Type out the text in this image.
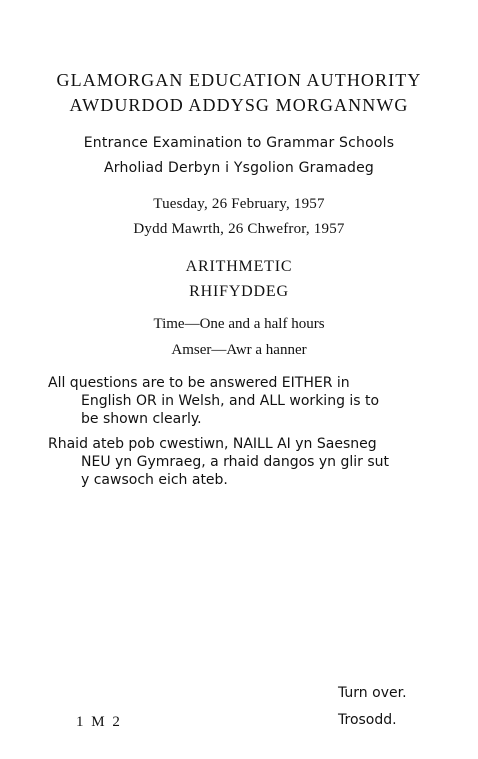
GLAMORGAN EDUCATION AUTHORITY
AWDURDOD ADDYSG MORGANNWG
Entrance Examination to Grammar Schools
Arholiad Derbyn i Ysgolion Gramadeg
Tuesday, 26 February, 1957
Dydd Mawrth, 26 Chwefror, 1957
ARITHMETIC
RHIFYDDEG
Time—One and a half hours
Amser—Awr a hanner
All questions are to be answered EITHER in
English OR in Welsh, and ALL working is to
be shown clearly.
Rhaid ateb pob cwestiwn, NAILL AI yn Saesneg
NEU yn Gymraeg, a rhaid dangos yn glir sut
y cawsoch eich ateb.
Turn over.
Trosodd.
1 M 2
